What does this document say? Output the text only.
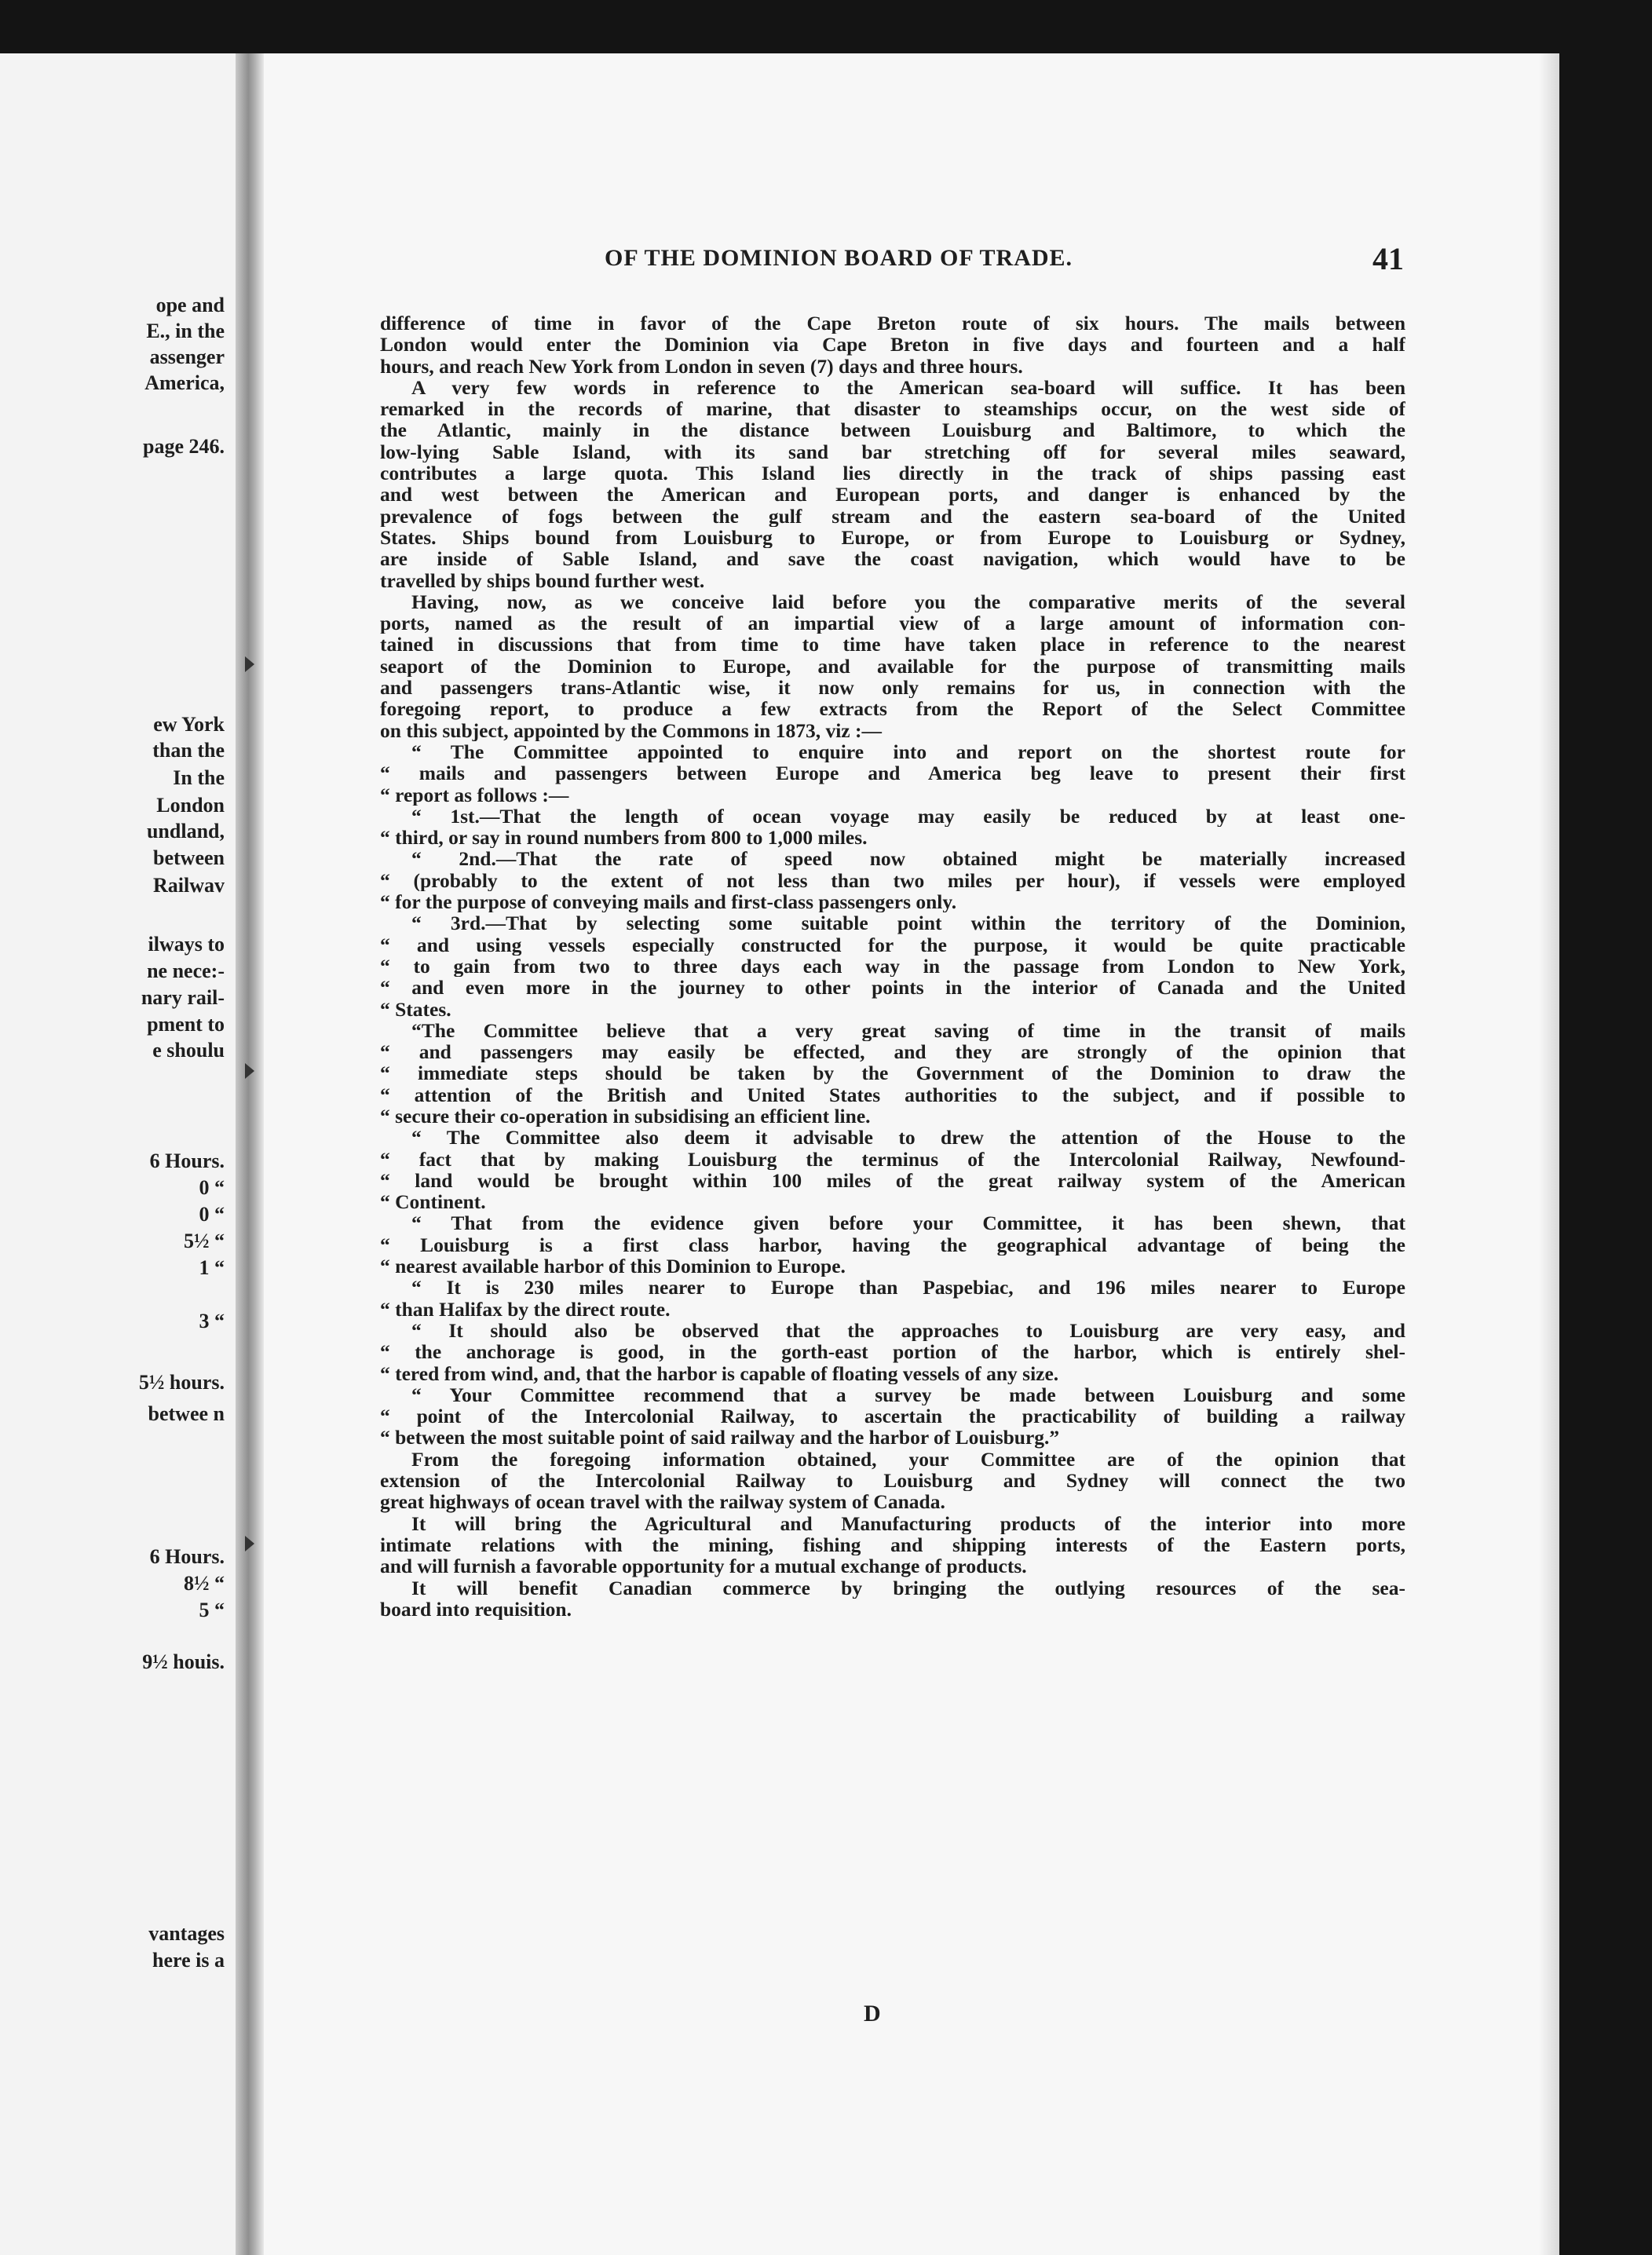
ope and
E., in the
assenger
America,
page 246.
ew York
than the
In the
London
undland,
between
Railwav
ilways to
ne nece:-
nary rail-
pment to
e shoulu
6 Hours.
0 “
0 “
5½ “
1 “
3 “
5½ hours.
betwee n
6 Hours.
8½ “
5 “
9½ houis.
vantages
here is a
OF THE DOMINION BOARD OF TRADE.	41
difference of time in favor of the Cape Breton route of six hours. The mails between
London would enter the Dominion via Cape Breton in five days and fourteen and a half
hours, and reach New York from London in seven (7) days and three hours.
A very few words in reference to the American sea-board will suffice. It has been
remarked in the records of marine, that disaster to steamships occur, on the west side of
the Atlantic, mainly in the distance between Louisburg and Baltimore, to which the
low-lying Sable Island, with its sand bar stretching off for several miles seaward,
contributes a large quota. This Island lies directly in the track of ships passing east
and west between the American and European ports, and danger is enhanced by the
prevalence of fogs between the gulf stream and the eastern sea-board of the United
States. Ships bound from Louisburg to Europe, or from Europe to Louisburg or Sydney,
are inside of Sable Island, and save the coast navigation, which would have to be
travelled by ships bound further west.
Having, now, as we conceive laid before you the comparative merits of the several
ports, named as the result of an impartial view of a large amount of information con-
tained in discussions that from time to time have taken place in reference to the nearest
seaport of the Dominion to Europe, and available for the purpose of transmitting mails
and passengers trans-Atlantic wise, it now only remains for us, in connection with the
foregoing report, to produce a few extracts from the Report of the Select Committee
on this subject, appointed by the Commons in 1873, viz :—
“ The Committee appointed to enquire into and report on the shortest route for
“ mails and passengers between Europe and America beg leave to present their first
“ report as follows :—
“ 1st.—That the length of ocean voyage may easily be reduced by at least one-
“ third, or say in round numbers from 800 to 1,000 miles.
“ 2nd.—That the rate of speed now obtained might be materially increased
“ (probably to the extent of not less than two miles per hour), if vessels were employed
“ for the purpose of conveying mails and first-class passengers only.
“ 3rd.—That by selecting some suitable point within the territory of the Dominion,
“ and using vessels especially constructed for the purpose, it would be quite practicable
“ to gain from two to three days each way in the passage from London to New York,
“ and even more in the journey to other points in the interior of Canada and the United
“ States.
“The Committee believe that a very great saving of time in the transit of mails
“ and passengers may easily be effected, and they are strongly of the opinion that
“ immediate steps should be taken by the Government of the Dominion to draw the
“ attention of the British and United States authorities to the subject, and if possible to
“ secure their co-operation in subsidising an efficient line.
“ The Committee also deem it advisable to drew the attention of the House to the
“ fact that by making Louisburg the terminus of the Intercolonial Railway, Newfound-
“ land would be brought within 100 miles of the great railway system of the American
“ Continent.
“ That from the evidence given before your Committee, it has been shewn, that
“ Louisburg is a first class harbor, having the geographical advantage of being the
“ nearest available harbor of this Dominion to Europe.
“ It is 230 miles nearer to Europe than Paspebiac, and 196 miles nearer to Europe
“ than Halifax by the direct route.
“ It should also be observed that the approaches to Louisburg are very easy, and
“ the anchorage is good, in the gorth-east portion of the harbor, which is entirely shel-
“ tered from wind, and, that the harbor is capable of floating vessels of any size.
“ Your Committee recommend that a survey be made between Louisburg and some
“ point of the Intercolonial Railway, to ascertain the practicability of building a railway
“ between the most suitable point of said railway and the harbor of Louisburg.”
From the foregoing information obtained, your Committee are of the opinion that
extension of the Intercolonial Railway to Louisburg and Sydney will connect the two
great highways of ocean travel with the railway system of Canada.
It will bring the Agricultural and Manufacturing products of the interior into more
intimate relations with the mining, fishing and shipping interests of the Eastern ports,
and will furnish a favorable opportunity for a mutual exchange of products.
It will benefit Canadian commerce by bringing the outlying resources of the sea-
board into requisition.
D
